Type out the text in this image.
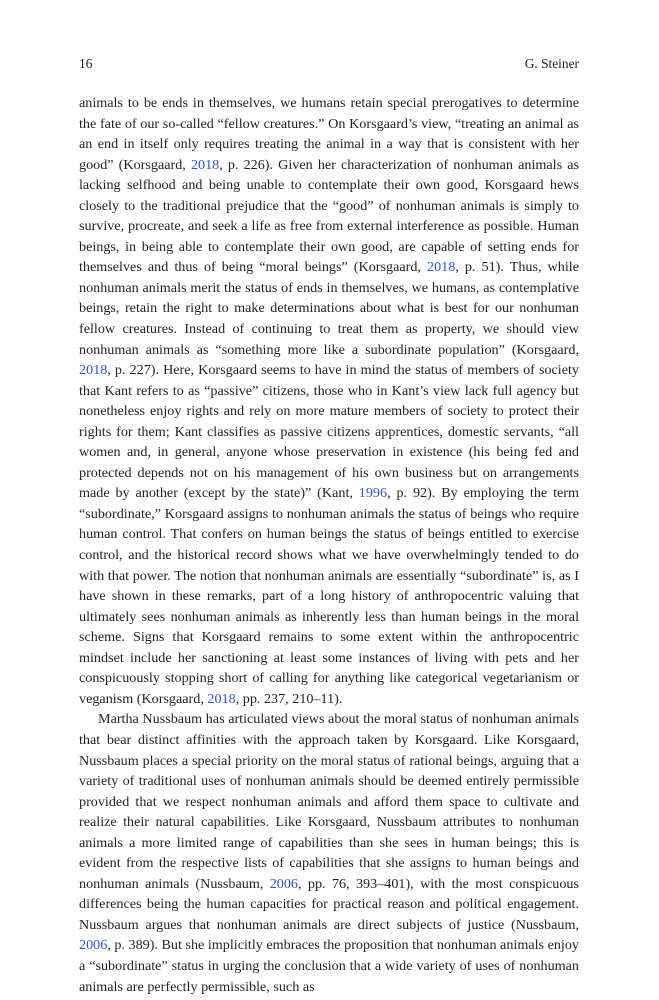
16	G. Steiner

animals to be ends in themselves, we humans retain special prerogatives to determine the fate of our so-called “fellow creatures.” On Korsgaard’s view, “treating an animal as an end in itself only requires treating the animal in a way that is consistent with her good” (Korsgaard, 2018, p. 226). Given her characterization of nonhuman animals as lacking selfhood and being unable to contemplate their own good, Korsgaard hews closely to the traditional prejudice that the “good” of nonhuman animals is simply to survive, procreate, and seek a life as free from external interference as possible. Human beings, in being able to contemplate their own good, are capable of setting ends for themselves and thus of being “moral beings” (Korsgaard, 2018, p. 51). Thus, while nonhuman animals merit the status of ends in themselves, we humans, as contemplative beings, retain the right to make determinations about what is best for our nonhuman fellow creatures. Instead of continuing to treat them as property, we should view nonhuman animals as “something more like a subordinate population” (Korsgaard, 2018, p. 227). Here, Korsgaard seems to have in mind the status of members of society that Kant refers to as “passive” citizens, those who in Kant’s view lack full agency but nonetheless enjoy rights and rely on more mature members of society to protect their rights for them; Kant classifies as passive citizens apprentices, domestic servants, “all women and, in general, anyone whose preservation in existence (his being fed and protected depends not on his management of his own business but on arrangements made by another (except by the state)” (Kant, 1996, p. 92). By employing the term “subordinate,” Korsgaard assigns to nonhuman animals the status of beings who require human control. That confers on human beings the status of beings entitled to exercise control, and the historical record shows what we have overwhelmingly tended to do with that power. The notion that nonhuman animals are essentially “subordinate” is, as I have shown in these remarks, part of a long history of anthropocentric valuing that ultimately sees nonhuman animals as inherently less than human beings in the moral scheme. Signs that Korsgaard remains to some extent within the anthropocentric mindset include her sanctioning at least some instances of living with pets and her conspicuously stopping short of calling for anything like categorical vegetarianism or veganism (Korsgaard, 2018, pp. 237, 210–11).

Martha Nussbaum has articulated views about the moral status of nonhuman animals that bear distinct affinities with the approach taken by Korsgaard. Like Korsgaard, Nussbaum places a special priority on the moral status of rational beings, arguing that a variety of traditional uses of nonhuman animals should be deemed entirely permissible provided that we respect nonhuman animals and afford them space to cultivate and realize their natural capabilities. Like Korsgaard, Nussbaum attributes to nonhuman animals a more limited range of capabilities than she sees in human beings; this is evident from the respective lists of capabilities that she assigns to human beings and nonhuman animals (Nussbaum, 2006, pp. 76, 393–401), with the most conspicuous differences being the human capacities for practical reason and political engagement. Nussbaum argues that nonhuman animals are direct subjects of justice (Nussbaum, 2006, p. 389). But she implicitly embraces the proposition that nonhuman animals enjoy a “subordinate” status in urging the conclusion that a wide variety of uses of nonhuman animals are perfectly permissible, such as
